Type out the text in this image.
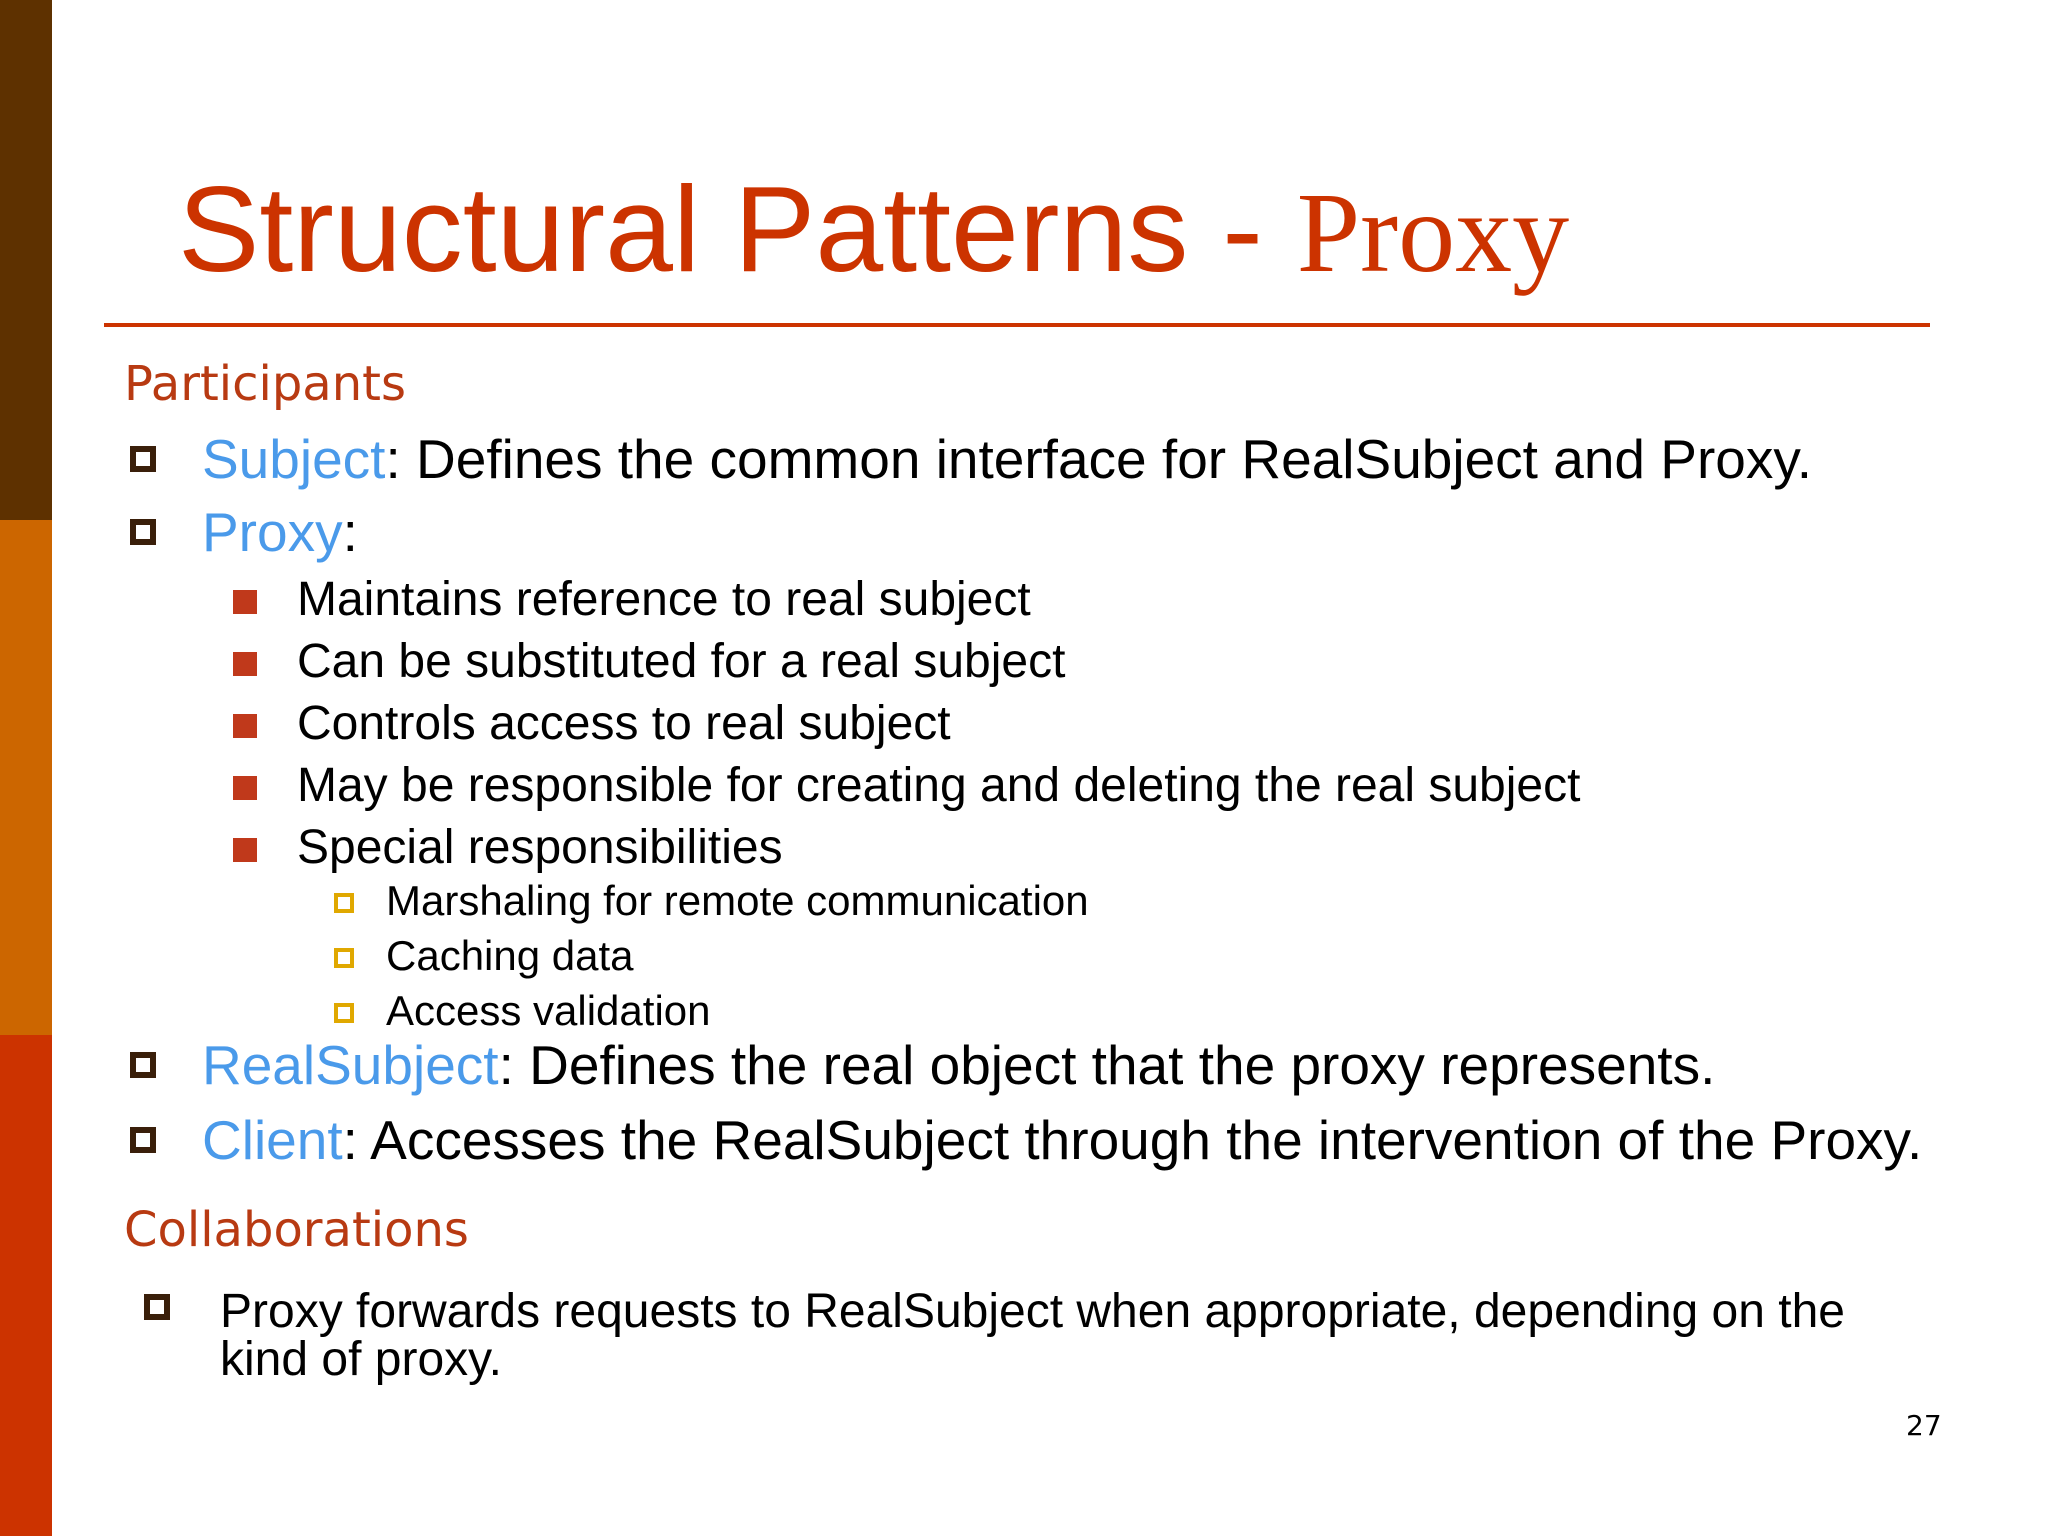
Structural Patterns - Proxy
Participants
Subject: Defines the common interface for RealSubject and Proxy.
Proxy:
Maintains reference to real subject
Can be substituted for a real subject
Controls access to real subject
May be responsible for creating and deleting the real subject
Special responsibilities
Marshaling for remote communication
Caching data
Access validation
RealSubject: Defines the real object that the proxy represents.
Client: Accesses the RealSubject through the intervention of the Proxy.
Collaborations
Proxy forwards requests to RealSubject when appropriate, depending on the kind of proxy.
27
